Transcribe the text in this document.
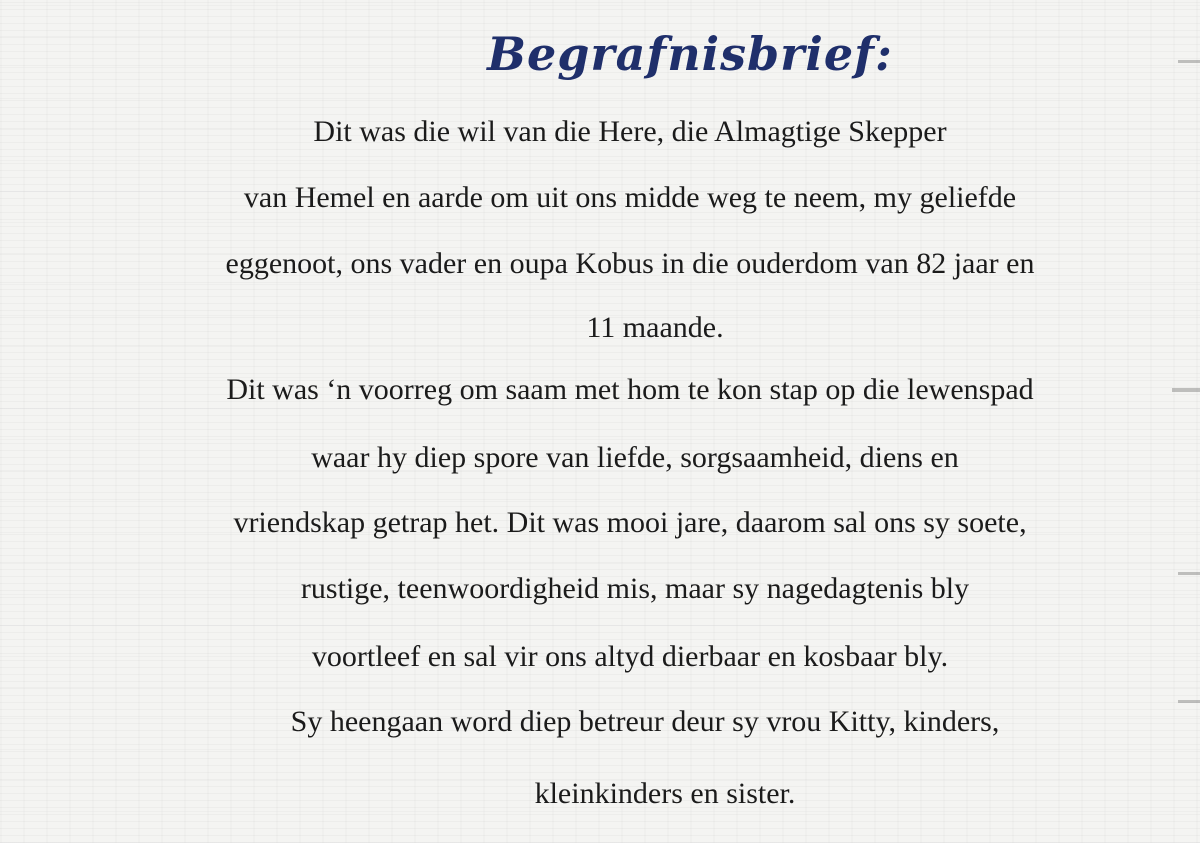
Begrafnisbrief:

Dit was die wil van die Here, die Almagtige Skepper

van Hemel en aarde om uit ons midde weg te neem, my geliefde

eggenoot, ons vader en oupa Kobus in die ouderdom van 82 jaar en

11 maande.

Dit was ‘n voorreg om saam met hom te kon stap op die lewenspad

waar hy diep spore van liefde, sorgsaamheid, diens en

vriendskap getrap het. Dit was mooi jare, daarom sal ons sy soete,

rustige, teenwoordigheid mis, maar sy nagedagtenis bly

voortleef en sal vir ons altyd dierbaar en kosbaar bly.

Sy heengaan word diep betreur deur sy vrou Kitty, kinders,

kleinkinders en sister.
